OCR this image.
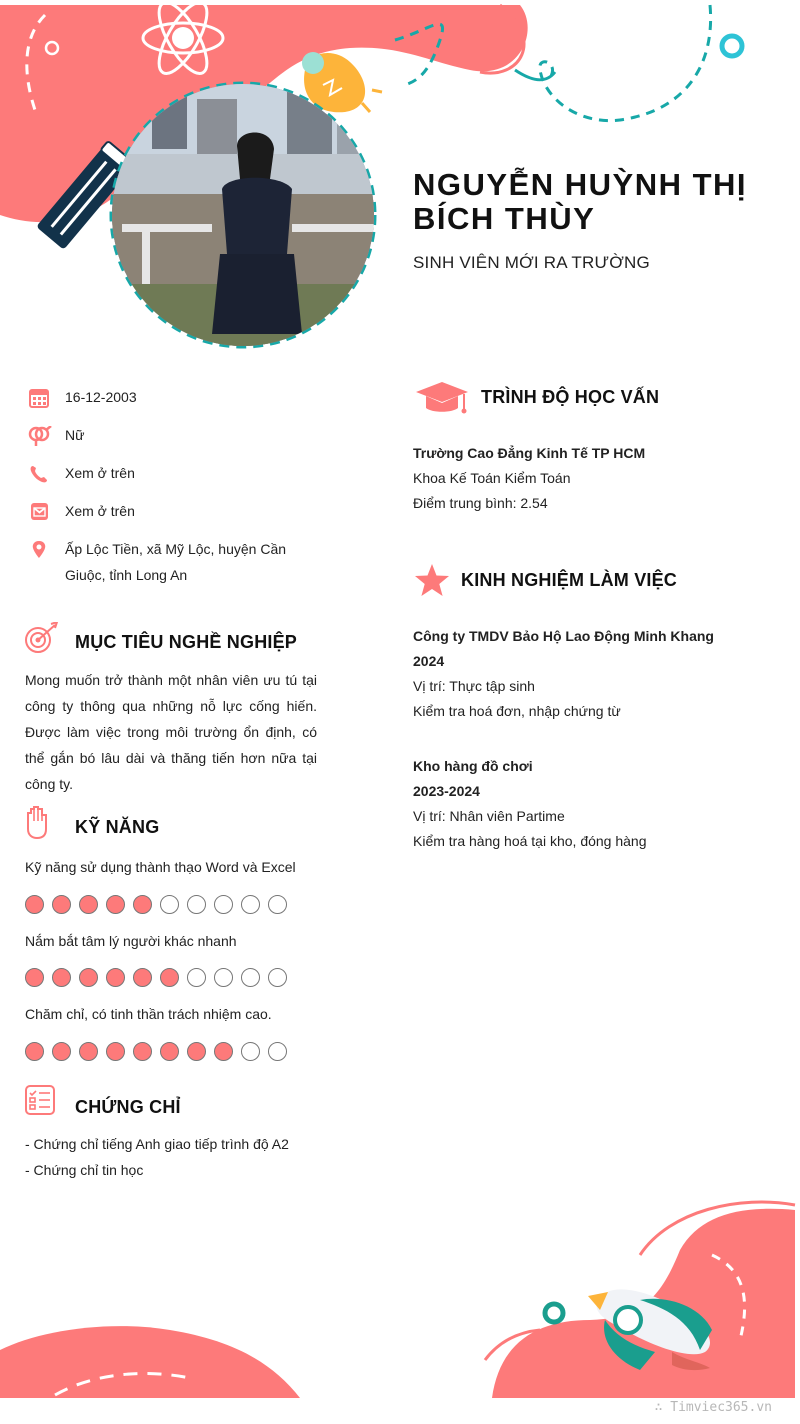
NGUYỄN HUỲNH THỊ
BÍCH THÙY
SINH VIÊN MỚI RA TRƯỜNG
16-12-2003
Nữ
Xem ở trên
Xem ở trên
Ấp Lộc Tiền, xã Mỹ Lộc, huyện Cần Giuộc, tỉnh Long An
MỤC TIÊU NGHỀ NGHIỆP
Mong muốn trở thành một nhân viên ưu tú tại công ty thông qua những nỗ lực cống hiến. Được làm việc trong môi trường ổn định, có thể gắn bó lâu dài và thăng tiến hơn nữa tại công ty.
KỸ NĂNG
Kỹ năng sử dụng thành thạo Word và Excel
Nắm bắt tâm lý người khác nhanh
Chăm chỉ, có tinh thần trách nhiệm cao.
CHỨNG CHỈ
- Chứng chỉ tiếng Anh giao tiếp trình độ A2
- Chứng chỉ tin học
TRÌNH ĐỘ HỌC VẤN
Trường Cao Đẳng Kinh Tế TP HCM
Khoa Kế Toán Kiểm Toán
Điểm trung bình: 2.54
KINH NGHIỆM LÀM VIỆC
Công ty TMDV Bảo Hộ Lao Động Minh Khang
2024
Vị trí: Thực tập sinh
Kiểm tra hoá đơn, nhập chứng từ
Kho hàng đồ chơi
2023-2024
Vị trí: Nhân viên Partime
Kiểm tra hàng hoá tại kho, đóng hàng
∴ Timviec365.vn
